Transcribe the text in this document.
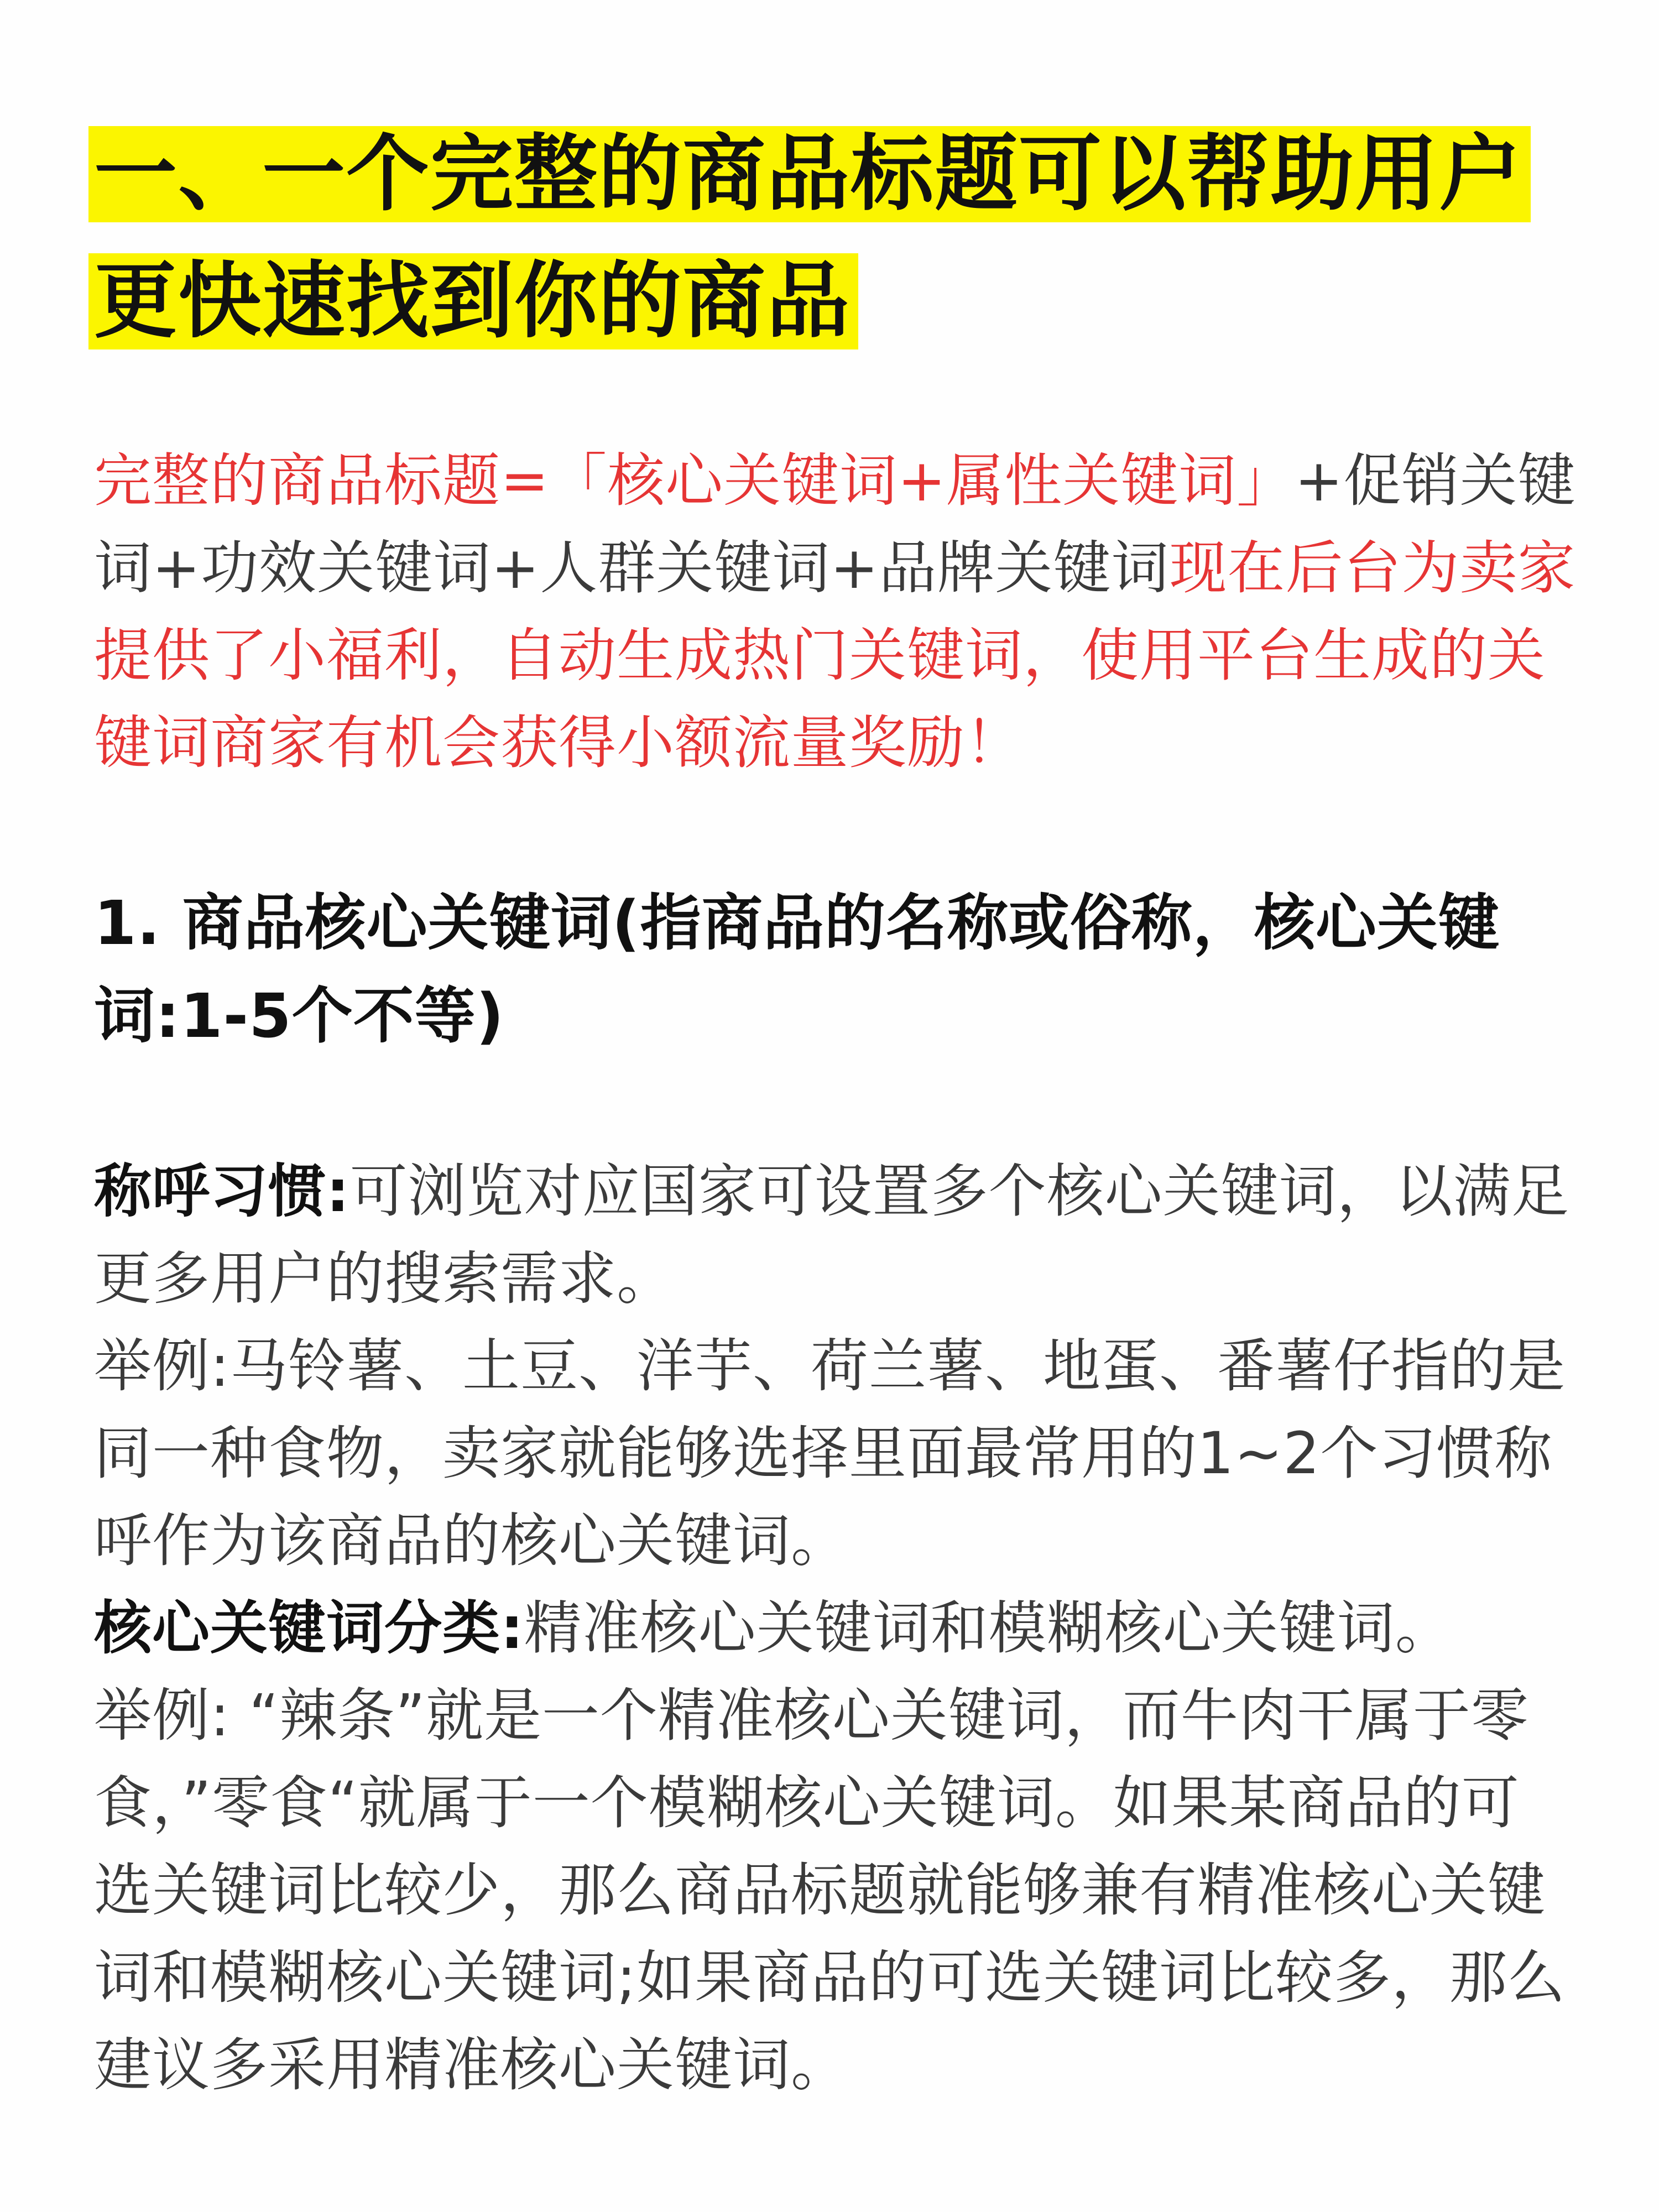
一、一个完整的商品标题可以帮助用户更快速找到你的商品
完整的商品标题=「核心关键词+属性关键词」+促销关键词+功效关键词+人群关键词+品牌关键词现在后台为卖家提供了小福利，自动生成热门关键词，使用平台生成的关键词商家有机会获得小额流量奖励！
1. 商品核心关键词(指商品的名称或俗称，核心关键词:1-5个不等)
称呼习惯:可浏览对应国家可设置多个核心关键词，以满足更多用户的搜索需求。
举例:马铃薯、土豆、洋芋、荷兰薯、地蛋、番薯仔指的是同一种食物，卖家就能够选择里面最常用的1~2个习惯称呼作为该商品的核心关键词。
核心关键词分类:精准核心关键词和模糊核心关键词。
举例: “辣条”就是一个精准核心关键词，而牛肉干属于零食，”零食“就属于一个模糊核心关键词。如果某商品的可选关键词比较少，那么商品标题就能够兼有精准核心关键词和模糊核心关键词;如果商品的可选关键词比较多，那么建议多采用精准核心关键词。
